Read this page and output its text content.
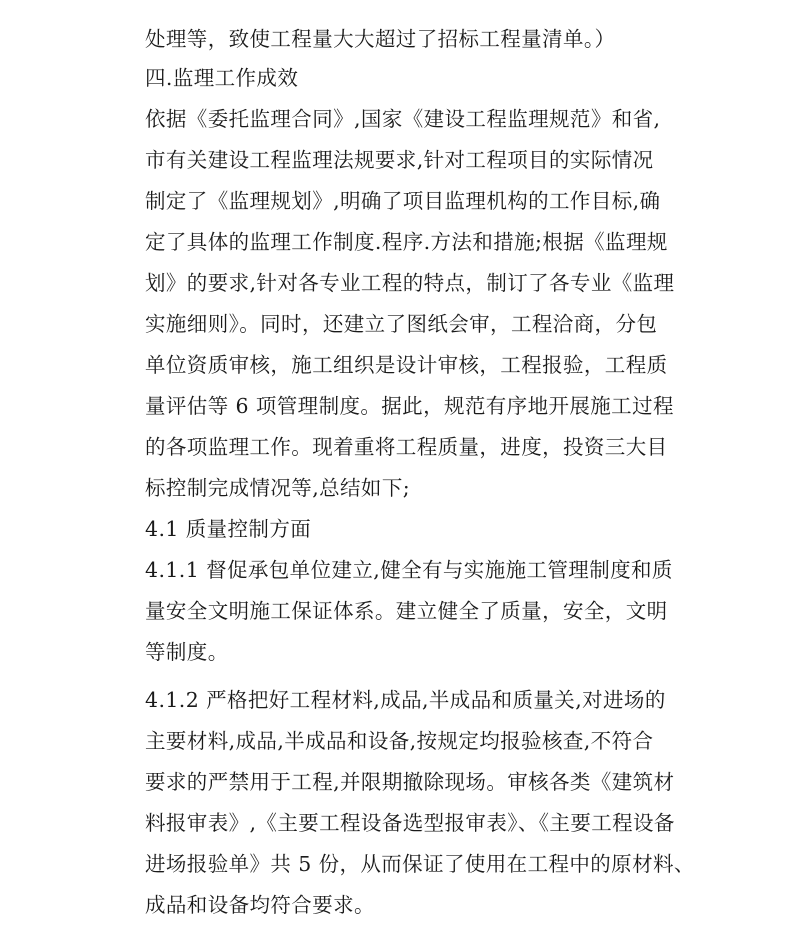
处理等，致使工程量大大超过了招标工程量清单。）
四.监理工作成效
依据《委托监理合同》,国家《建设工程监理规范》和省,
市有关建设工程监理法规要求,针对工程项目的实际情况
制定了《监理规划》,明确了项目监理机构的工作目标,确
定了具体的监理工作制度.程序.方法和措施;根据《监理规
划》的要求,针对各专业工程的特点，制订了各专业《监理
实施细则》。同时，还建立了图纸会审，工程洽商，分包
单位资质审核，施工组织是设计审核，工程报验，工程质
量评估等 6 项管理制度。据此，规范有序地开展施工过程
的各项监理工作。现着重将工程质量，进度，投资三大目
标控制完成情况等,总结如下;
4.1 质量控制方面
4.1.1 督促承包单位建立,健全有与实施施工管理制度和质
量安全文明施工保证体系。建立健全了质量，安全，文明
等制度。
4.1.2 严格把好工程材料,成品,半成品和质量关,对进场的
主要材料,成品,半成品和设备,按规定均报验核查,不符合
要求的严禁用于工程,并限期撤除现场。审核各类《建筑材
料报审表》,《主要工程设备选型报审表》、《主要工程设备
进场报验单》共 5 份，从而保证了使用在工程中的原材料、
成品和设备均符合要求。
